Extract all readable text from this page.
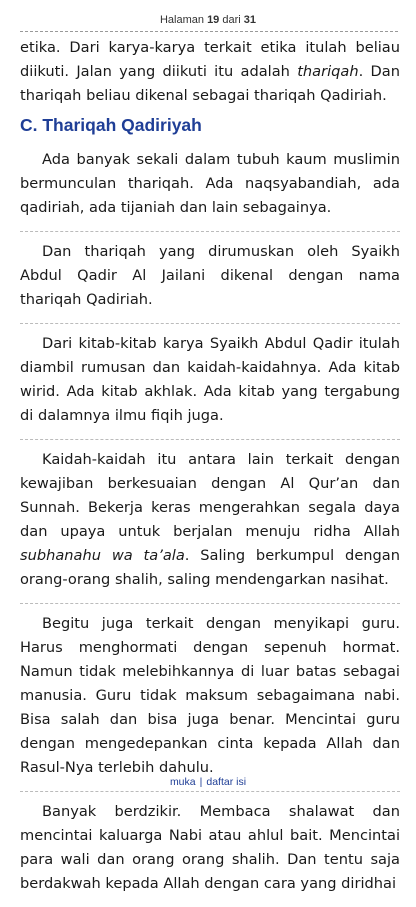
Halaman 19 dari 31

etika. Dari karya-karya terkait etika itulah beliau diikuti. Jalan yang diikuti itu adalah thariqah. Dan thariqah beliau dikenal sebagai thariqah Qadiriah.

C. Thariqah Qadiriyah

Ada banyak sekali dalam tubuh kaum muslimin bermunculan thariqah. Ada naqsyabandiah, ada qadiriah, ada tijaniah dan lain sebagainya.

Dan thariqah yang dirumuskan oleh Syaikh Abdul Qadir Al Jailani dikenal dengan nama thariqah Qadiriah.

Dari kitab-kitab karya Syaikh Abdul Qadir itulah diambil rumusan dan kaidah-kaidahnya. Ada kitab wirid. Ada kitab akhlak. Ada kitab yang tergabung di dalamnya ilmu fiqih juga.

Kaidah-kaidah itu antara lain terkait dengan kewajiban berkesuaian dengan Al Qur’an dan Sunnah. Bekerja keras mengerahkan segala daya dan upaya untuk berjalan menuju ridha Allah subhanahu wa ta’ala. Saling berkumpul dengan orang-orang shalih, saling mendengarkan nasihat.

Begitu juga terkait dengan menyikapi guru. Harus menghormati dengan sepenuh hormat. Namun tidak melebihkannya di luar batas sebagai manusia. Guru tidak maksum sebagaimana nabi. Bisa salah dan bisa juga benar. Mencintai guru dengan mengedepankan cinta kepada Allah dan Rasul-Nya terlebih dahulu.

Banyak berdzikir. Membaca shalawat dan mencintai kaluarga Nabi atau ahlul bait. Mencintai para wali dan orang orang shalih. Dan tentu saja berdakwah kepada Allah dengan cara yang diridhai

muka | daftar isi
